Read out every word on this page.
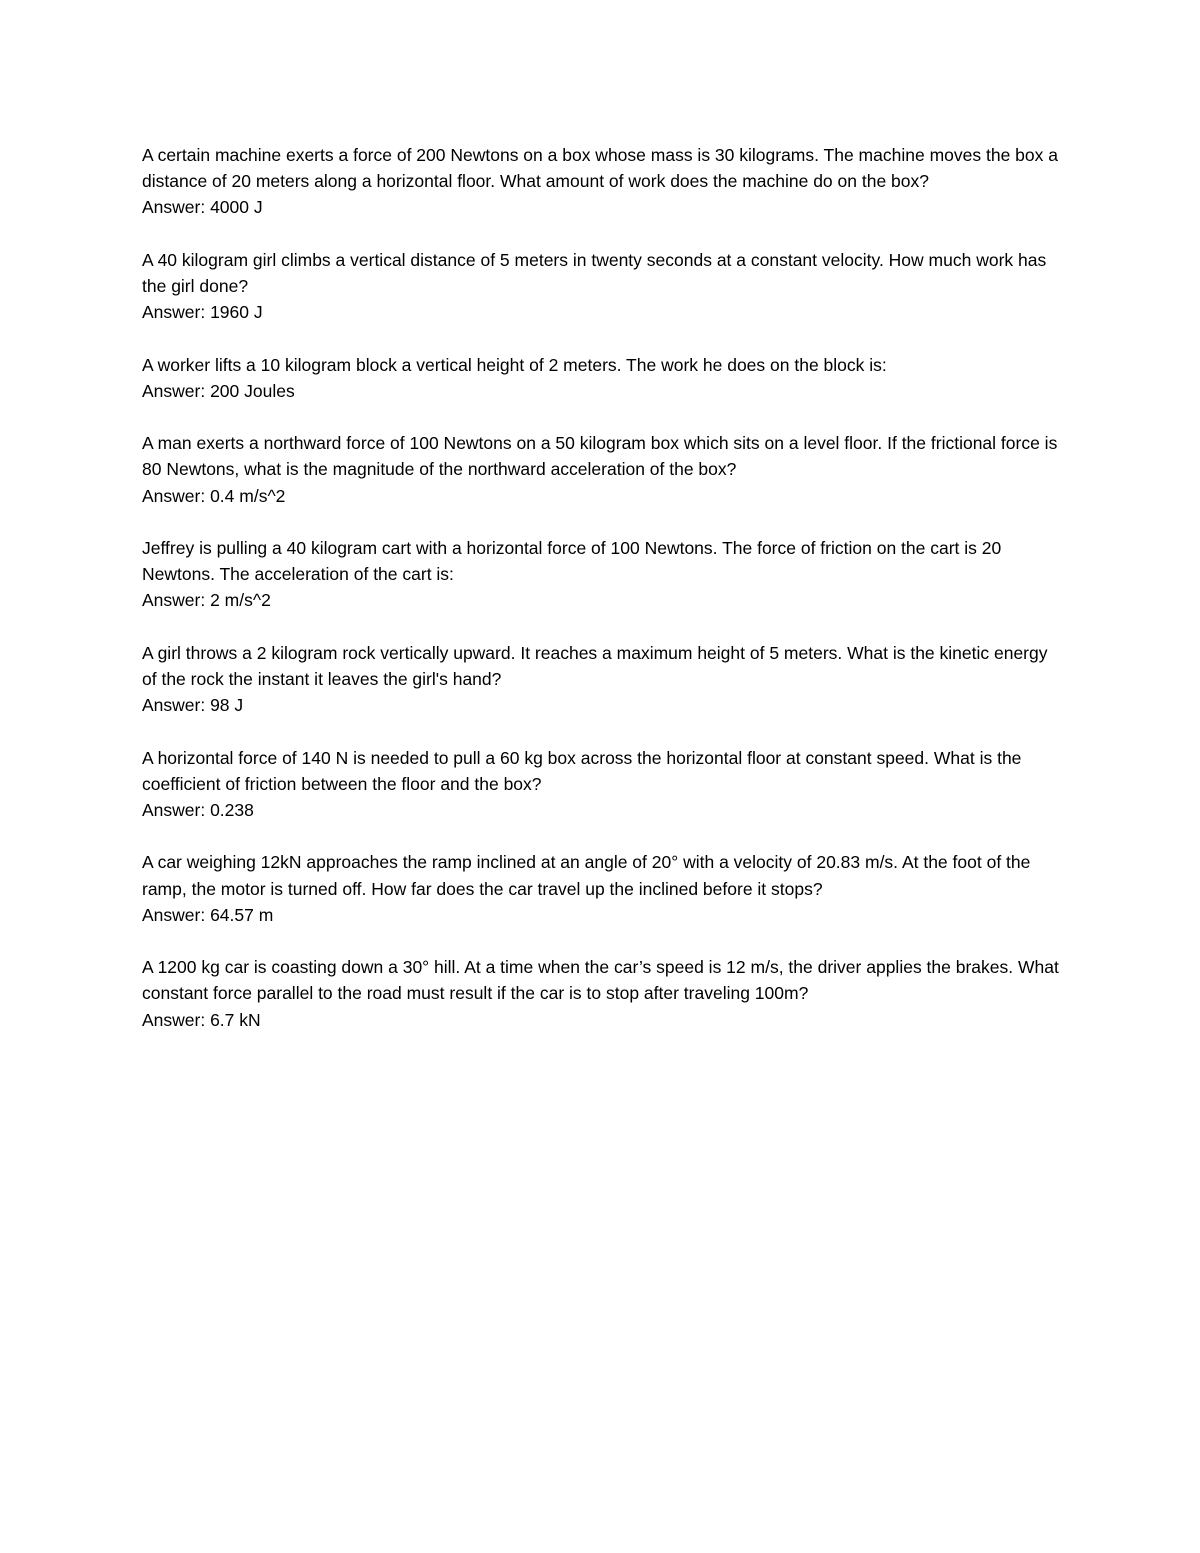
A certain machine exerts a force of 200 Newtons on a box whose mass is 30 kilograms. The machine moves the box a distance of 20 meters along a horizontal floor. What amount of work does the machine do on the box?
Answer: 4000 J
A 40 kilogram girl climbs a vertical distance of 5 meters in twenty seconds at a constant velocity. How much work has the girl done?
Answer: 1960 J
A worker lifts a 10 kilogram block a vertical height of 2 meters. The work he does on the block is:
Answer: 200 Joules
A man exerts a northward force of 100 Newtons on a 50 kilogram box which sits on a level floor. If the frictional force is 80 Newtons, what is the magnitude of the northward acceleration of the box?
Answer: 0.4 m/s^2
Jeffrey is pulling a 40 kilogram cart with a horizontal force of 100 Newtons. The force of friction on the cart is 20 Newtons. The acceleration of the cart is:
Answer: 2 m/s^2
A girl throws a 2 kilogram rock vertically upward. It reaches a maximum height of 5 meters. What is the kinetic energy of the rock the instant it leaves the girl's hand?
Answer: 98 J
A horizontal force of 140 N is needed to pull a 60 kg box across the horizontal floor at constant speed. What is the coefficient of friction between the floor and the box?
Answer: 0.238
A car weighing 12kN approaches the ramp inclined at an angle of 20° with a velocity of 20.83 m/s. At the foot of the ramp, the motor is turned off. How far does the car travel up the inclined before it stops?
Answer: 64.57 m
A 1200 kg car is coasting down a 30° hill. At a time when the car’s speed is 12 m/s, the driver applies the brakes. What constant force parallel to the road must result if the car is to stop after traveling 100m?
Answer: 6.7 kN
